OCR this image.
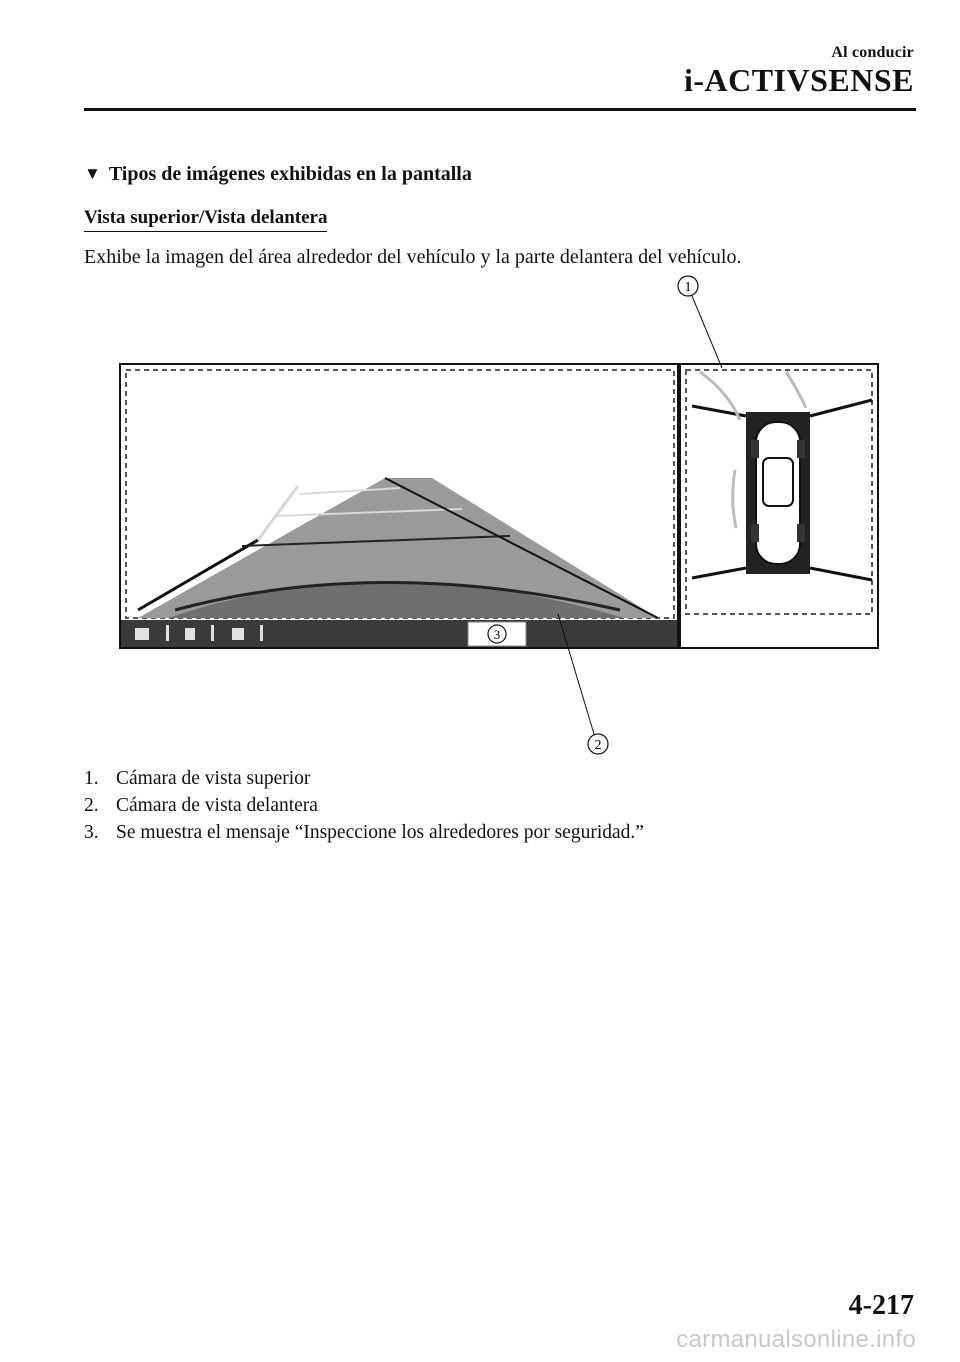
Al conducir
i-ACTIVSENSE
▼ Tipos de imágenes exhibidas en la pantalla
Vista superior/Vista delantera
Exhibe la imagen del área alrededor del vehículo y la parte delantera del vehículo.
3
1
2
1. Cámara de vista superior
2. Cámara de vista delantera
3. Se muestra el mensaje “Inspeccione los alrededores por seguridad.”
4-217
carmanualsonline.info
